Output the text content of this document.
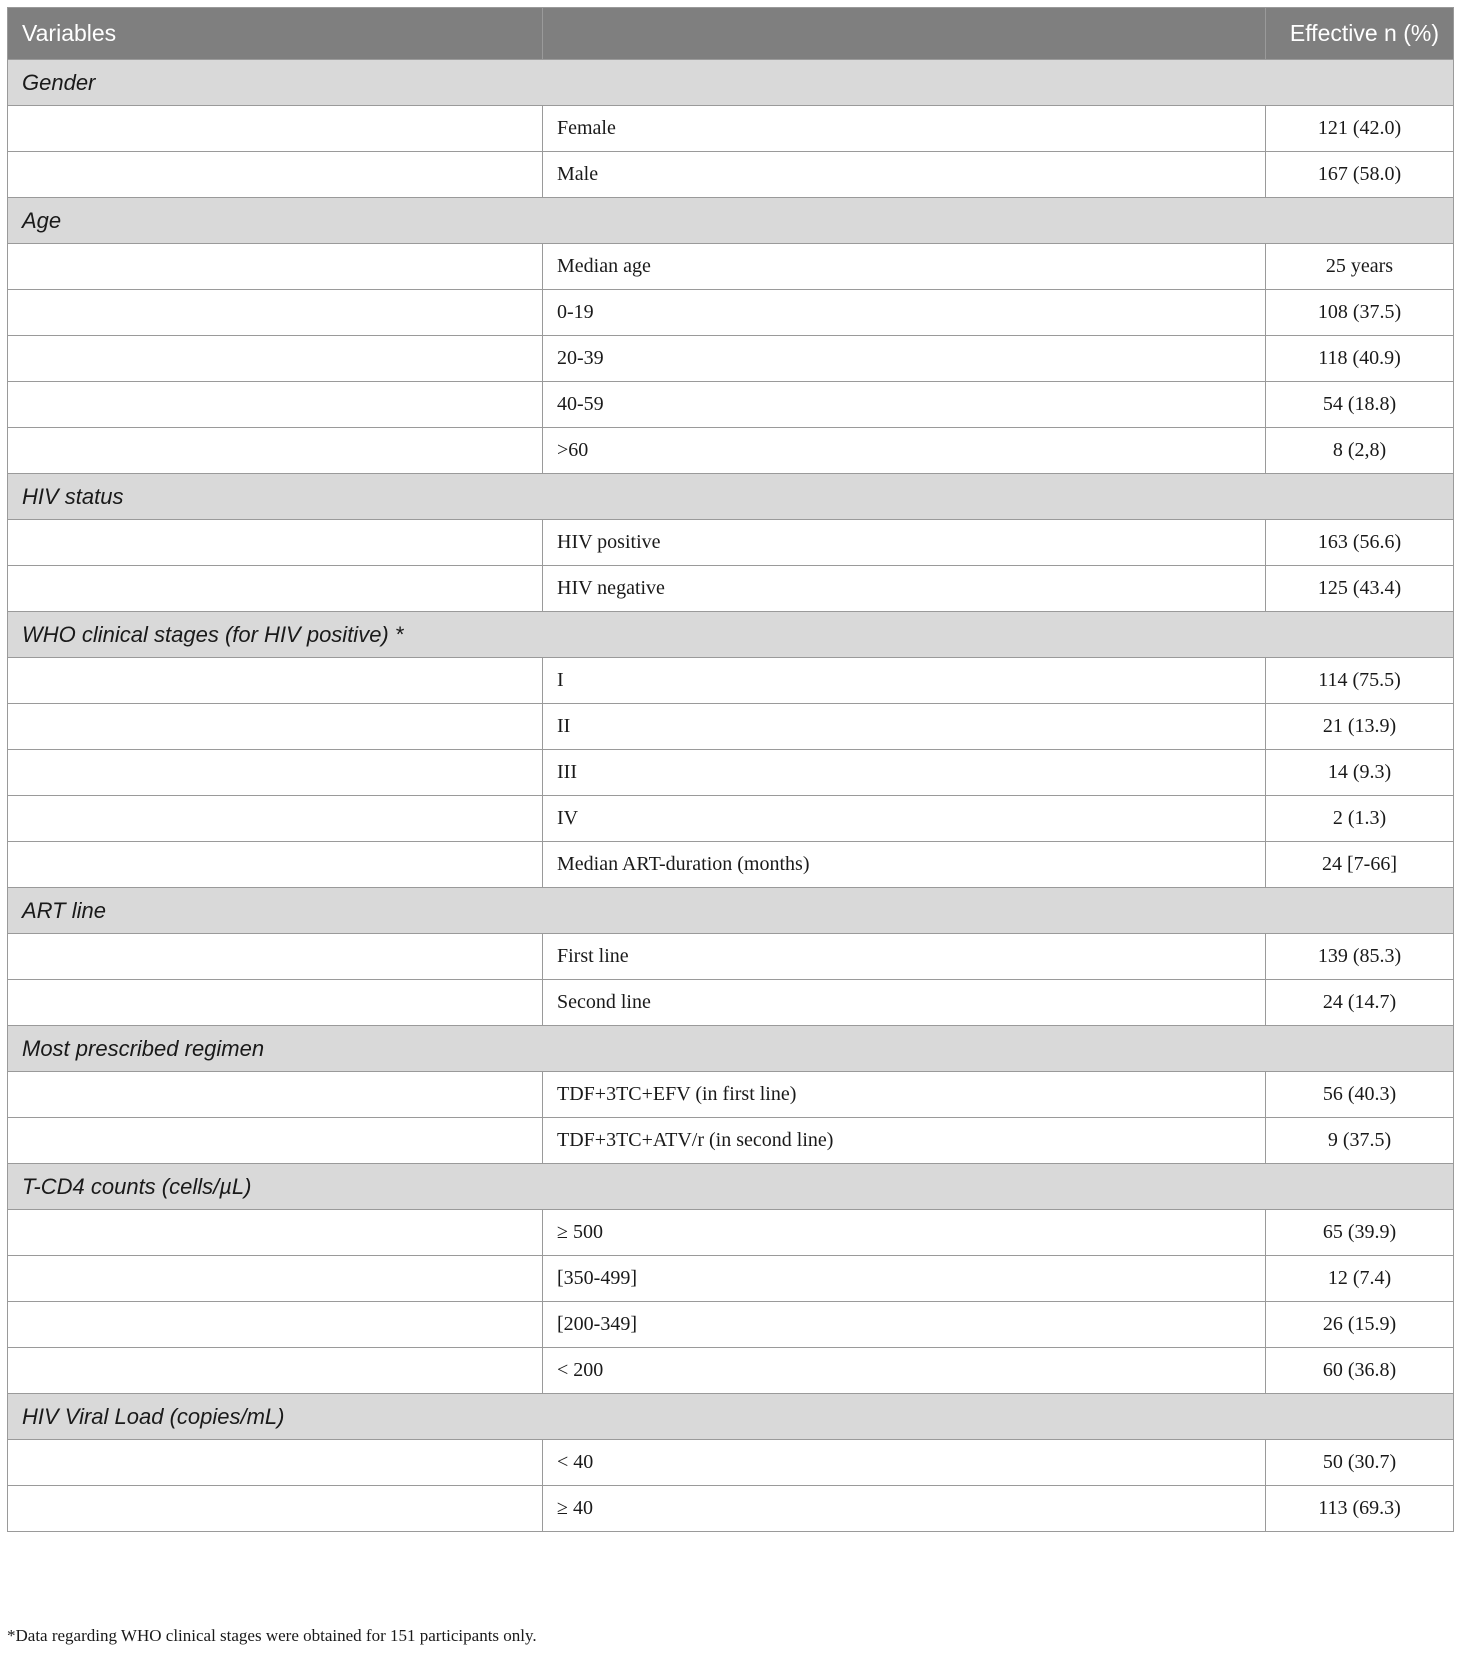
Variables		Effective n (%)
Gender		
	Female	121 (42.0)
	Male	167 (58.0)
Age		
	Median age	25 years
	0-19	108 (37.5)
	20-39	118 (40.9)
	40-59	54 (18.8)
	>60	8 (2,8)
HIV status		
	HIV positive	163 (56.6)
	HIV negative	125 (43.4)
WHO clinical stages (for HIV positive) *		
	I	114 (75.5)
	II	21 (13.9)
	III	14 (9.3)
	IV	2 (1.3)
	Median ART-duration (months)	24 [7-66]
ART line		
	First line	139 (85.3)
	Second line	24 (14.7)
Most prescribed regimen		
	TDF+3TC+EFV (in first line)	56 (40.3)
	TDF+3TC+ATV/r (in second line)	9 (37.5)
T-CD4 counts (cells/µL)		
	≥ 500	65 (39.9)
	[350-499]	12 (7.4)
	[200-349]	26 (15.9)
	< 200	60 (36.8)
HIV Viral Load (copies/mL)		
	< 40	50 (30.7)
	≥ 40	113 (69.3)
*Data regarding WHO clinical stages were obtained for 151 participants only.
